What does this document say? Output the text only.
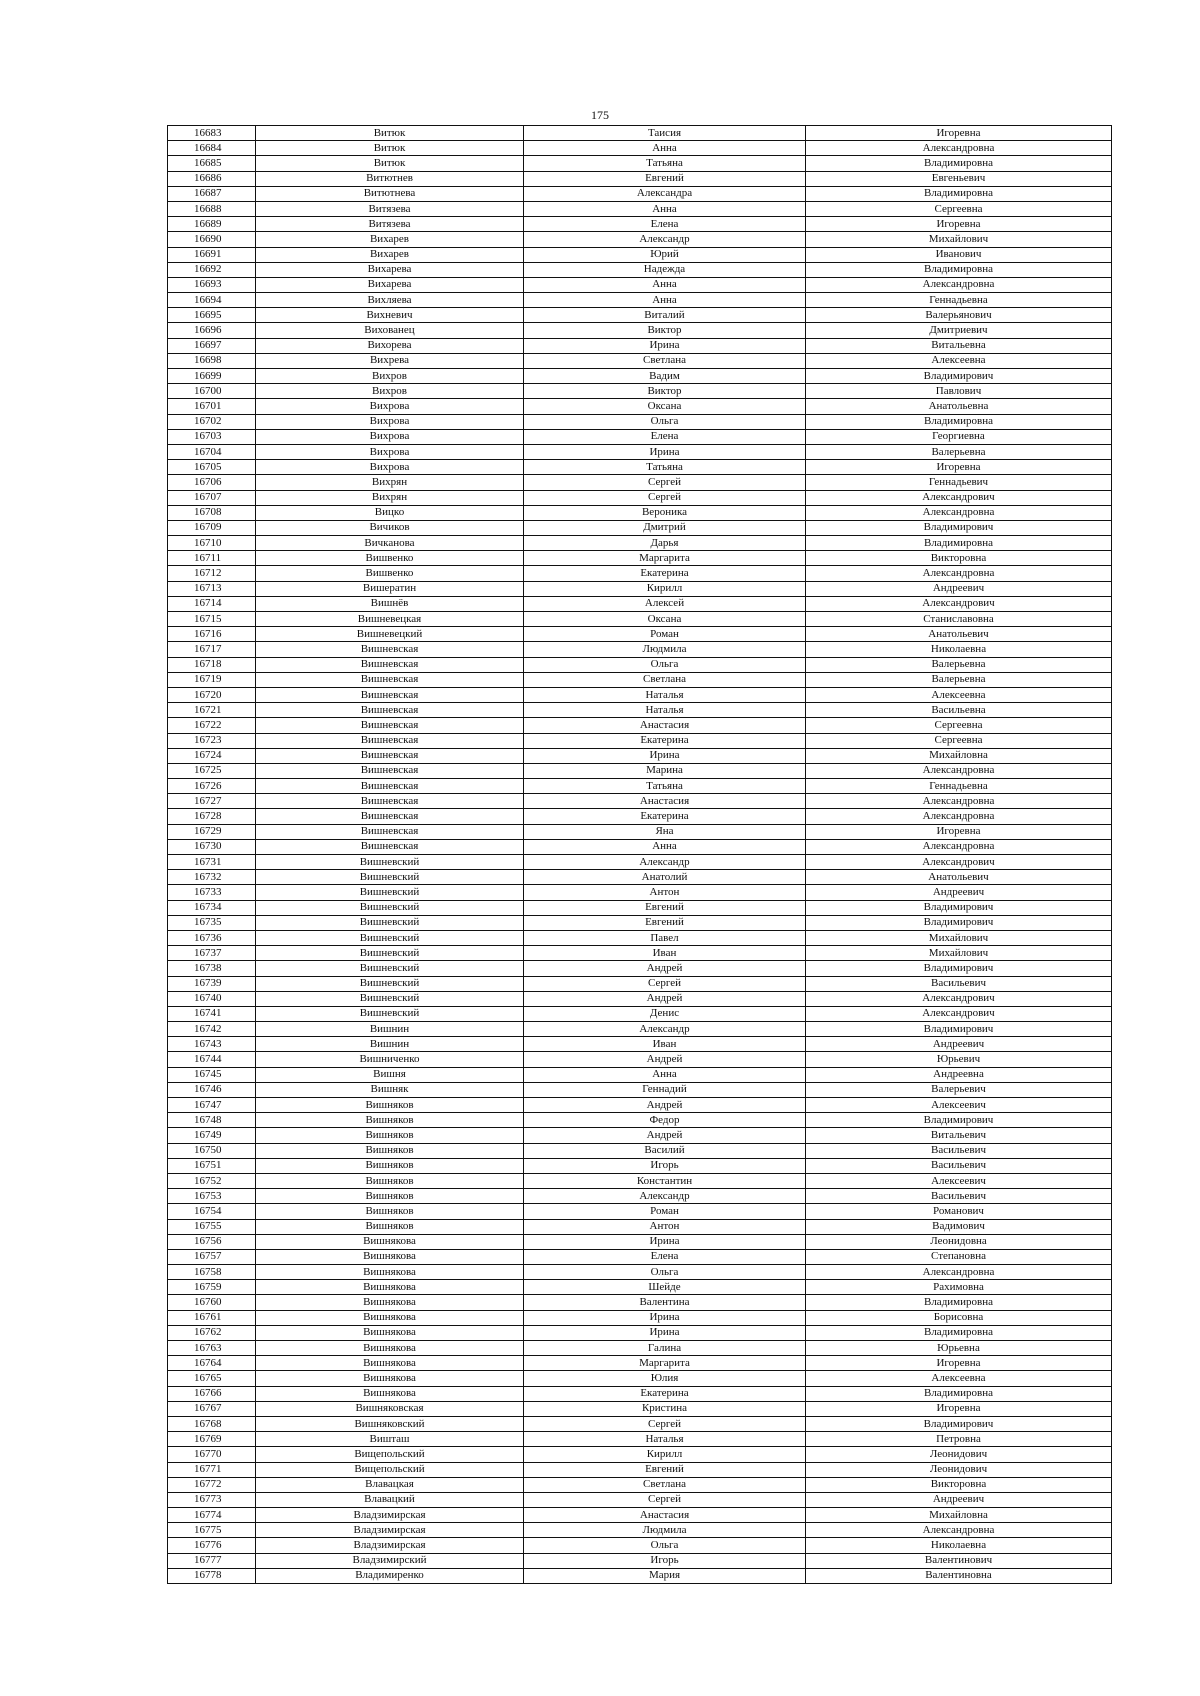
175
16683	Витюк	Таисия	Игоревна
16684	Витюк	Анна	Александровна
16685	Витюк	Татьяна	Владимировна
16686	Витютнев	Евгений	Евгеньевич
16687	Витютнева	Александра	Владимировна
16688	Витязева	Анна	Сергеевна
16689	Витязева	Елена	Игоревна
16690	Вихарев	Александр	Михайлович
16691	Вихарев	Юрий	Иванович
16692	Вихарева	Надежда	Владимировна
16693	Вихарева	Анна	Александровна
16694	Вихляева	Анна	Геннадьевна
16695	Вихневич	Виталий	Валерьянович
16696	Вихованец	Виктор	Дмитриевич
16697	Вихорева	Ирина	Витальевна
16698	Вихрева	Светлана	Алексеевна
16699	Вихров	Вадим	Владимирович
16700	Вихров	Виктор	Павлович
16701	Вихрова	Оксана	Анатольевна
16702	Вихрова	Ольга	Владимировна
16703	Вихрова	Елена	Георгиевна
16704	Вихрова	Ирина	Валерьевна
16705	Вихрова	Татьяна	Игоревна
16706	Вихрян	Сергей	Геннадьевич
16707	Вихрян	Сергей	Александрович
16708	Вицко	Вероника	Александровна
16709	Вичиков	Дмитрий	Владимирович
16710	Вичканова	Дарья	Владимировна
16711	Вишвенко	Маргарита	Викторовна
16712	Вишвенко	Екатерина	Александровна
16713	Вишератин	Кирилл	Андреевич
16714	Вишнёв	Алексей	Александрович
16715	Вишневецкая	Оксана	Станиславовна
16716	Вишневецкий	Роман	Анатольевич
16717	Вишневская	Людмила	Николаевна
16718	Вишневская	Ольга	Валерьевна
16719	Вишневская	Светлана	Валерьевна
16720	Вишневская	Наталья	Алексеевна
16721	Вишневская	Наталья	Васильевна
16722	Вишневская	Анастасия	Сергеевна
16723	Вишневская	Екатерина	Сергеевна
16724	Вишневская	Ирина	Михайловна
16725	Вишневская	Марина	Александровна
16726	Вишневская	Татьяна	Геннадьевна
16727	Вишневская	Анастасия	Александровна
16728	Вишневская	Екатерина	Александровна
16729	Вишневская	Яна	Игоревна
16730	Вишневская	Анна	Александровна
16731	Вишневский	Александр	Александрович
16732	Вишневский	Анатолий	Анатольевич
16733	Вишневский	Антон	Андреевич
16734	Вишневский	Евгений	Владимирович
16735	Вишневский	Евгений	Владимирович
16736	Вишневский	Павел	Михайлович
16737	Вишневский	Иван	Михайлович
16738	Вишневский	Андрей	Владимирович
16739	Вишневский	Сергей	Васильевич
16740	Вишневский	Андрей	Александрович
16741	Вишневский	Денис	Александрович
16742	Вишнин	Александр	Владимирович
16743	Вишнин	Иван	Андреевич
16744	Вишниченко	Андрей	Юрьевич
16745	Вишня	Анна	Андреевна
16746	Вишняк	Геннадий	Валерьевич
16747	Вишняков	Андрей	Алексеевич
16748	Вишняков	Федор	Владимирович
16749	Вишняков	Андрей	Витальевич
16750	Вишняков	Василий	Васильевич
16751	Вишняков	Игорь	Васильевич
16752	Вишняков	Константин	Алексеевич
16753	Вишняков	Александр	Васильевич
16754	Вишняков	Роман	Романович
16755	Вишняков	Антон	Вадимович
16756	Вишнякова	Ирина	Леонидовна
16757	Вишнякова	Елена	Степановна
16758	Вишнякова	Ольга	Александровна
16759	Вишнякова	Шейде	Рахимовна
16760	Вишнякова	Валентина	Владимировна
16761	Вишнякова	Ирина	Борисовна
16762	Вишнякова	Ирина	Владимировна
16763	Вишнякова	Галина	Юрьевна
16764	Вишнякова	Маргарита	Игоревна
16765	Вишнякова	Юлия	Алексеевна
16766	Вишнякова	Екатерина	Владимировна
16767	Вишняковская	Кристина	Игоревна
16768	Вишняковский	Сергей	Владимирович
16769	Вишташ	Наталья	Петровна
16770	Вищепольский	Кирилл	Леонидович
16771	Вищепольский	Евгений	Леонидович
16772	Влавацкая	Светлана	Викторовна
16773	Влавацкий	Сергей	Андреевич
16774	Владзимирская	Анастасия	Михайловна
16775	Владзимирская	Людмила	Александровна
16776	Владзимирская	Ольга	Николаевна
16777	Владзимирский	Игорь	Валентинович
16778	Владимиренко	Мария	Валентиновна
